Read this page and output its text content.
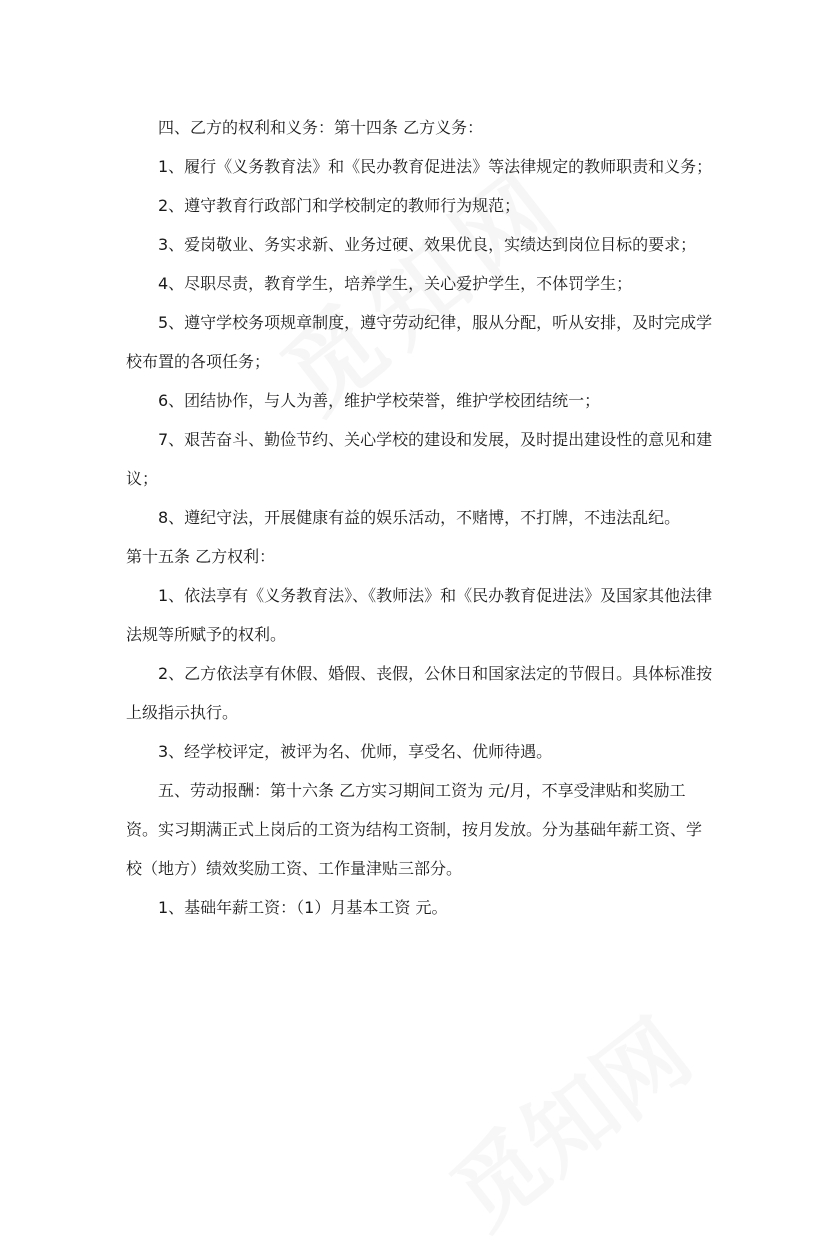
四、乙方的权利和义务：第十四条 乙方义务：

1、履行《义务教育法》和《民办教育促进法》等法律规定的教师职责和义务；

2、遵守教育行政部门和学校制定的教师行为规范；

3、爱岗敬业、务实求新、业务过硬、效果优良，实绩达到岗位目标的要求；

4、尽职尽责，教育学生，培养学生，关心爱护学生，不体罚学生；

5、遵守学校务项规章制度，遵守劳动纪律，服从分配，听从安排，及时完成学校布置的各项任务；

6、团结协作，与人为善，维护学校荣誉，维护学校团结统一；

7、艰苦奋斗、勤俭节约、关心学校的建设和发展，及时提出建设性的意见和建议；

8、遵纪守法，开展健康有益的娱乐活动，不赌博，不打牌，不违法乱纪。

第十五条 乙方权利：

1、依法享有《义务教育法》、《教师法》和《民办教育促进法》及国家其他法律法规等所赋予的权利。

2、乙方依法享有休假、婚假、丧假，公休日和国家法定的节假日。具体标准按上级指示执行。

3、经学校评定，被评为名、优师，享受名、优师待遇。

五、劳动报酬：第十六条 乙方实习期间工资为 元/月，不享受津贴和奖励工资。实习期满正式上岗后的工资为结构工资制，按月发放。分为基础年薪工资、学校（地方）绩效奖励工资、工作量津贴三部分。

1、基础年薪工资：（1）月基本工资 元。
